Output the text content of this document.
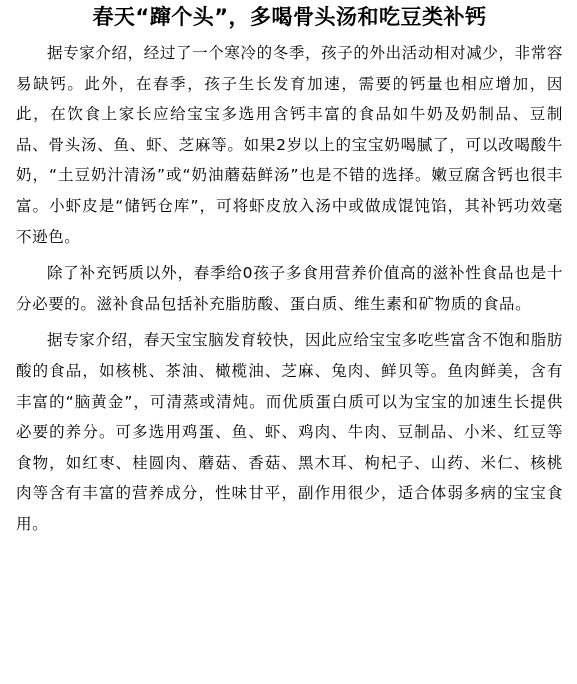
春天“蹿个头”，多喝骨头汤和吃豆类补钙

据专家介绍，经过了一个寒冷的冬季，孩子的外出活动相对减少，非常容易缺钙。此外，在春季，孩子生长发育加速，需要的钙量也相应增加，因此，在饮食上家长应给宝宝多选用含钙丰富的食品如牛奶及奶制品、豆制品、骨头汤、鱼、虾、芝麻等。如果2岁以上的宝宝奶喝腻了，可以改喝酸牛奶，“土豆奶汁清汤”或“奶油蘑菇鲜汤”也是不错的选择。嫩豆腐含钙也很丰富。小虾皮是“储钙仓库”，可将虾皮放入汤中或做成馄饨馅，其补钙功效毫不逊色。

除了补充钙质以外，春季给0孩子多食用营养价值高的滋补性食品也是十分必要的。滋补食品包括补充脂肪酸、蛋白质、维生素和矿物质的食品。

据专家介绍，春天宝宝脑发育较快，因此应给宝宝多吃些富含不饱和脂肪酸的食品，如核桃、茶油、橄榄油、芝麻、兔肉、鲜贝等。鱼肉鲜美，含有丰富的“脑黄金”，可清蒸或清炖。而优质蛋白质可以为宝宝的加速生长提供必要的养分。可多选用鸡蛋、鱼、虾、鸡肉、牛肉、豆制品、小米、红豆等食物，如红枣、桂圆肉、蘑菇、香菇、黑木耳、枸杞子、山药、米仁、核桃肉等含有丰富的营养成分，性味甘平，副作用很少，适合体弱多病的宝宝食用。
